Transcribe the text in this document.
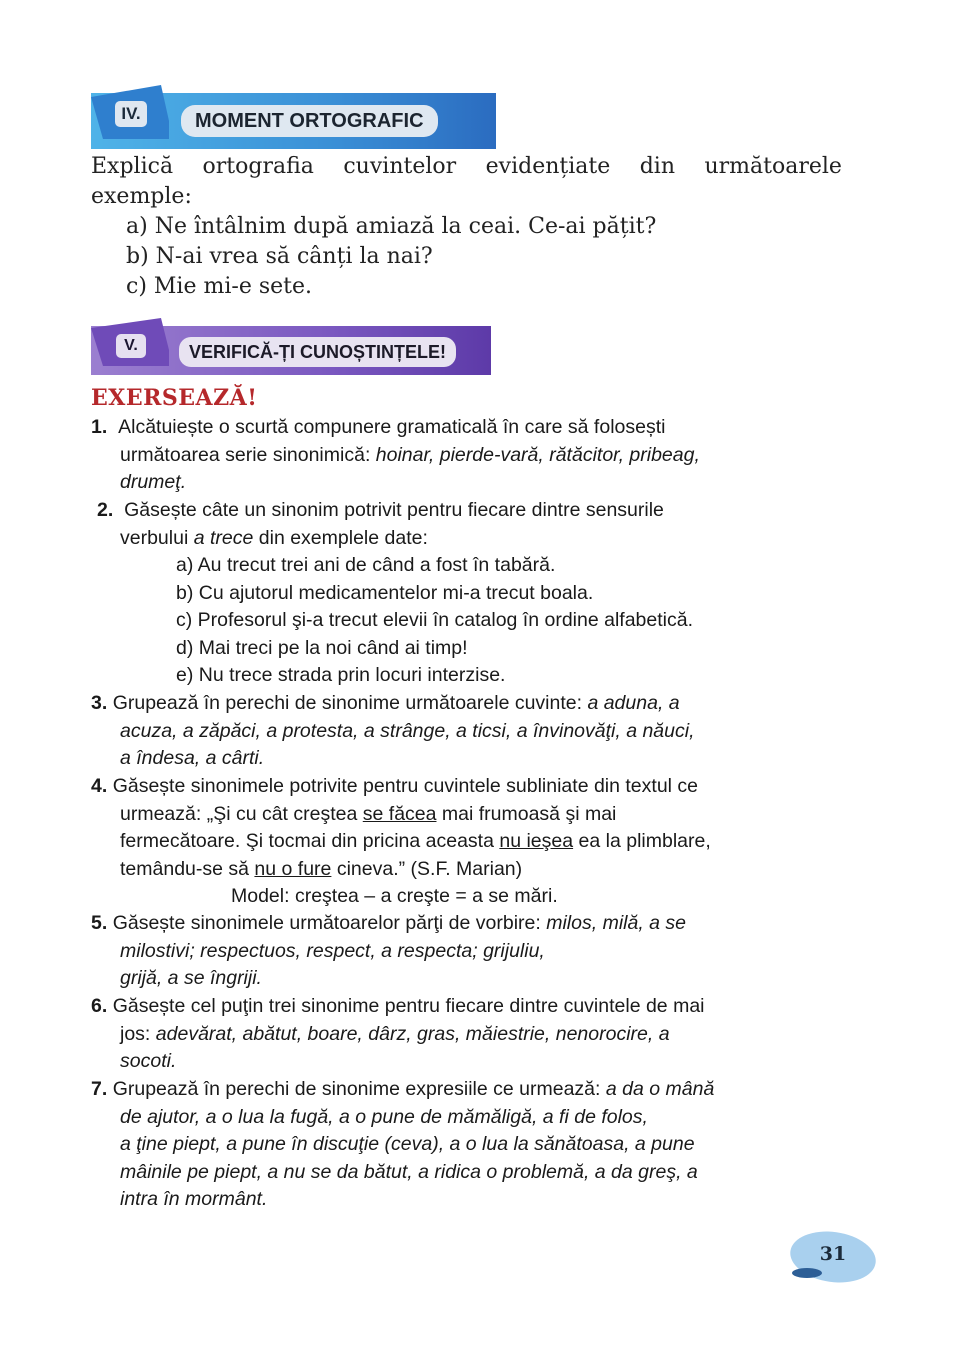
IV.	MOMENT ORTOGRAFIC
Explică ortografia cuvintelor evidențiate din următoarele
exemple:
a) Ne întâlnim după amiază la ceai. Ce-ai pățit?
b) N-ai vrea să cânți la nai?
c) Mie mi-e sete.
V.	VERIFICĂ-ȚI CUNOȘTINȚELE!
EXERSEAZĂ!
1. Alcătuiește o scurtă compunere gramaticală în care să folosești
următoarea serie sinonimică: hoinar, pierde-vară, rătăcitor, pribeag,
drumeţ.
2. Găsește câte un sinonim potrivit pentru fiecare dintre sensurile
verbului a trece din exemplele date:
a) Au trecut trei ani de când a fost în tabără.
b) Cu ajutorul medicamentelor mi-a trecut boala.
c) Profesorul şi-a trecut elevii în catalog în ordine alfabetică.
d) Mai treci pe la noi când ai timp!
e) Nu trece strada prin locuri interzise.
3. Grupează în perechi de sinonime următoarele cuvinte: a aduna, a
acuza, a zăpăci, a protesta, a strânge, a ticsi, a învinovăţi, a năuci,
a îndesa, a cârti.
4. Găsește sinonimele potrivite pentru cuvintele subliniate din textul ce
urmează: „Şi cu cât creştea se făcea mai frumoasă şi mai
fermecătoare. Şi tocmai din pricina aceasta nu ieşea ea la plimblare,
temându-se să nu o fure cineva.” (S.F. Marian)
Model: creştea – a creşte = a se mări.
5. Găsește sinonimele următoarelor părţi de vorbire: milos, milă, a se
milostivi; respectuos, respect, a respecta; grijuliu,
grijă, a se îngriji.
6. Găsește cel puţin trei sinonime pentru fiecare dintre cuvintele de mai
jos: adevărat, abătut, boare, dârz, gras, măiestrie, nenorocire, a
socoti.
7. Grupează în perechi de sinonime expresiile ce urmează: a da o mână
de ajutor, a o lua la fugă, a o pune de mămăligă, a fi de folos,
a ţine piept, a pune în discuţie (ceva), a o lua la sănătoasa, a pune
mâinile pe piept, a nu se da bătut, a ridica o problemă, a da greş, a
intra în mormânt.
31
